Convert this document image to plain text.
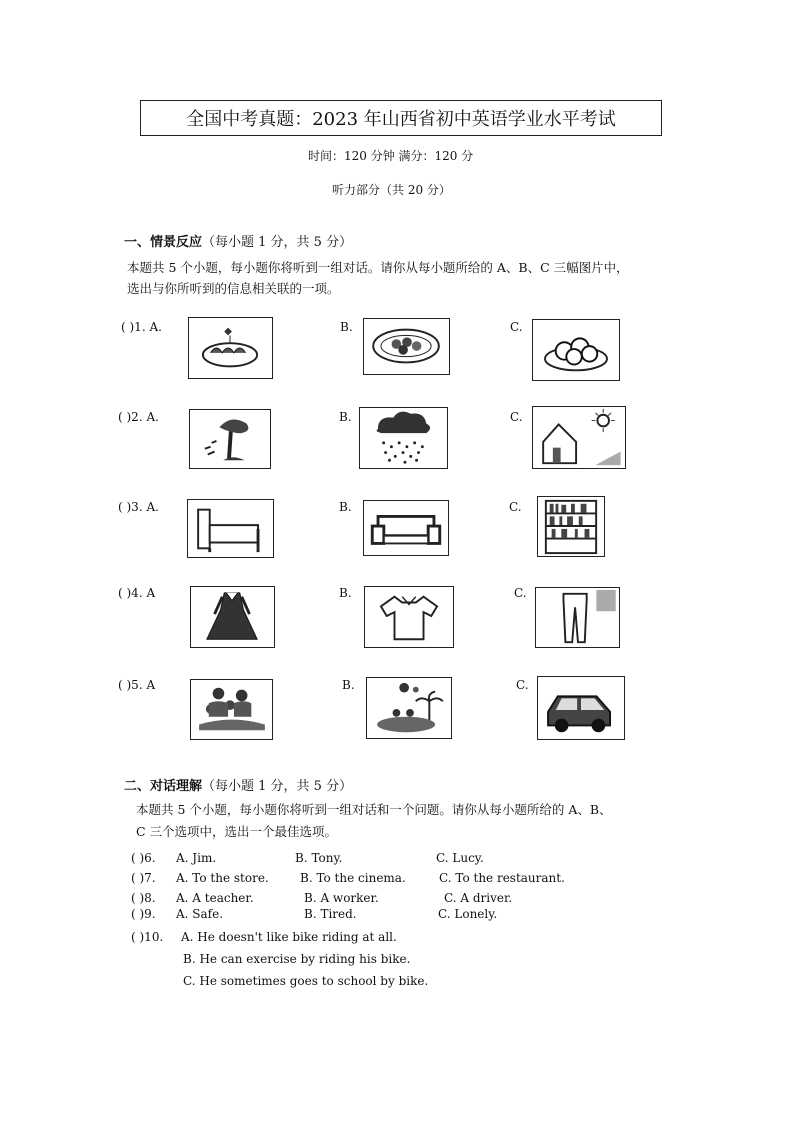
全国中考真题：2023 年山西省初中英语学业水平考试
时间：120 分钟 满分：120 分
听力部分（共 20 分）
一、情景反应（每小题 1 分，共 5 分）
本题共 5 个小题，每小题你将听到一组对话。请你从每小题所给的 A、B、C 三幅图片中，
选出与你所听到的信息相关联的一项。
( )1. A.	B.	C.
( )2. A.	B.	C.
( )3. A.	B.	C.
( )4. A	B.	C.
( )5. A	B.	C.
二、对话理解（每小题 1 分，共 5 分）
本题共 5 个小题，每小题你将听到一组对话和一个问题。请你从每小题所给的 A、B、
C 三个选项中，选出一个最佳选项。
( )6. A. Jim.	B. Tony.	C. Lucy.
( )7. A. To the store.	B. To the cinema.	C. To the restaurant.
( )8. A. A teacher.	B. A worker.	C. A driver.
( )9. A. Safe.	B. Tired.	C. Lonely.
( )10. A. He doesn't like bike riding at all.
B. He can exercise by riding his bike.
C. He sometimes goes to school by bike.
